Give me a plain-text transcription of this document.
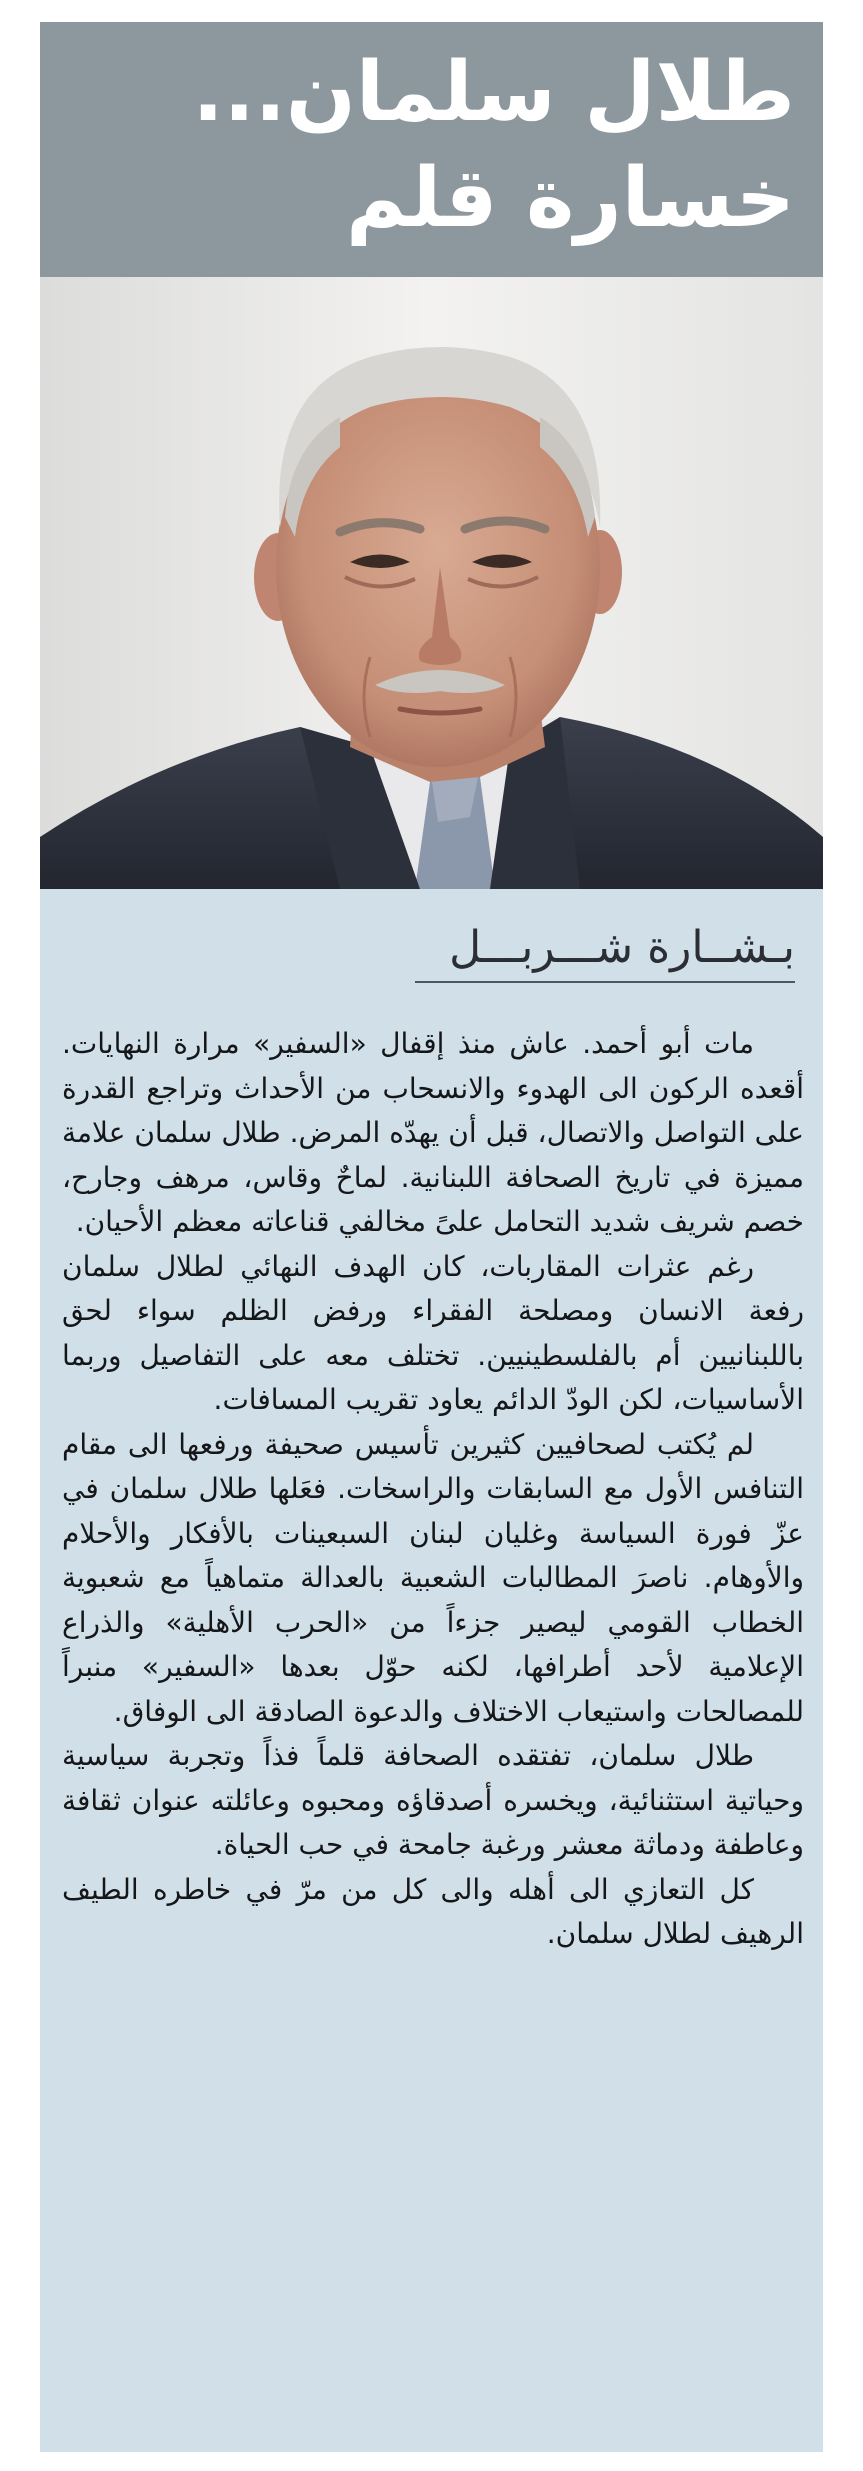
طلال سلمان...
خسارة قلم
بـشــارة شـــربـــل

مات أبو أحمد. عاش منذ إقفال «السفير» مرارة النهايات. أقعده الركون الى الهدوء والانسحاب من الأحداث وتراجع القدرة على التواصل والاتصال، قبل أن يهدّه المرض. طلال سلمان علامة مميزة في تاريخ الصحافة اللبنانية. لماحٌ وقاس، مرهف وجارح، خصم شريف شديد التحامل علىً مخالفي قناعاته معظم الأحيان.

رغم عثرات المقاربات، كان الهدف النهائي لطلال سلمان رفعة الانسان ومصلحة الفقراء ورفض الظلم سواء لحق باللبنانيين أم بالفلسطينيين. تختلف معه على التفاصيل وربما الأساسيات، لكن الودّ الدائم يعاود تقريب المسافات.

لم يُكتب لصحافيين كثيرين تأسيس صحيفة ورفعها الى مقام التنافس الأول مع السابقات والراسخات. فعَلها طلال سلمان في عزّ فورة السياسة وغليان لبنان السبعينات بالأفكار والأحلام والأوهام. ناصرَ المطالبات الشعبية بالعدالة متماهياً مع شعبوية الخطاب القومي ليصير جزءاً من «الحرب الأهلية» والذراع الإعلامية لأحد أطرافها، لكنه حوّل بعدها «السفير» منبراً للمصالحات واستيعاب الاختلاف والدعوة الصادقة الى الوفاق.

طلال سلمان، تفتقده الصحافة قلماً فذاً وتجربة سياسية وحياتية استثنائية، ويخسره أصدقاؤه ومحبوه وعائلته عنوان ثقافة وعاطفة ودماثة معشر ورغبة جامحة في حب الحياة.

كل التعازي الى أهله والى كل من مرّ في خاطره الطيف الرهيف لطلال سلمان.
